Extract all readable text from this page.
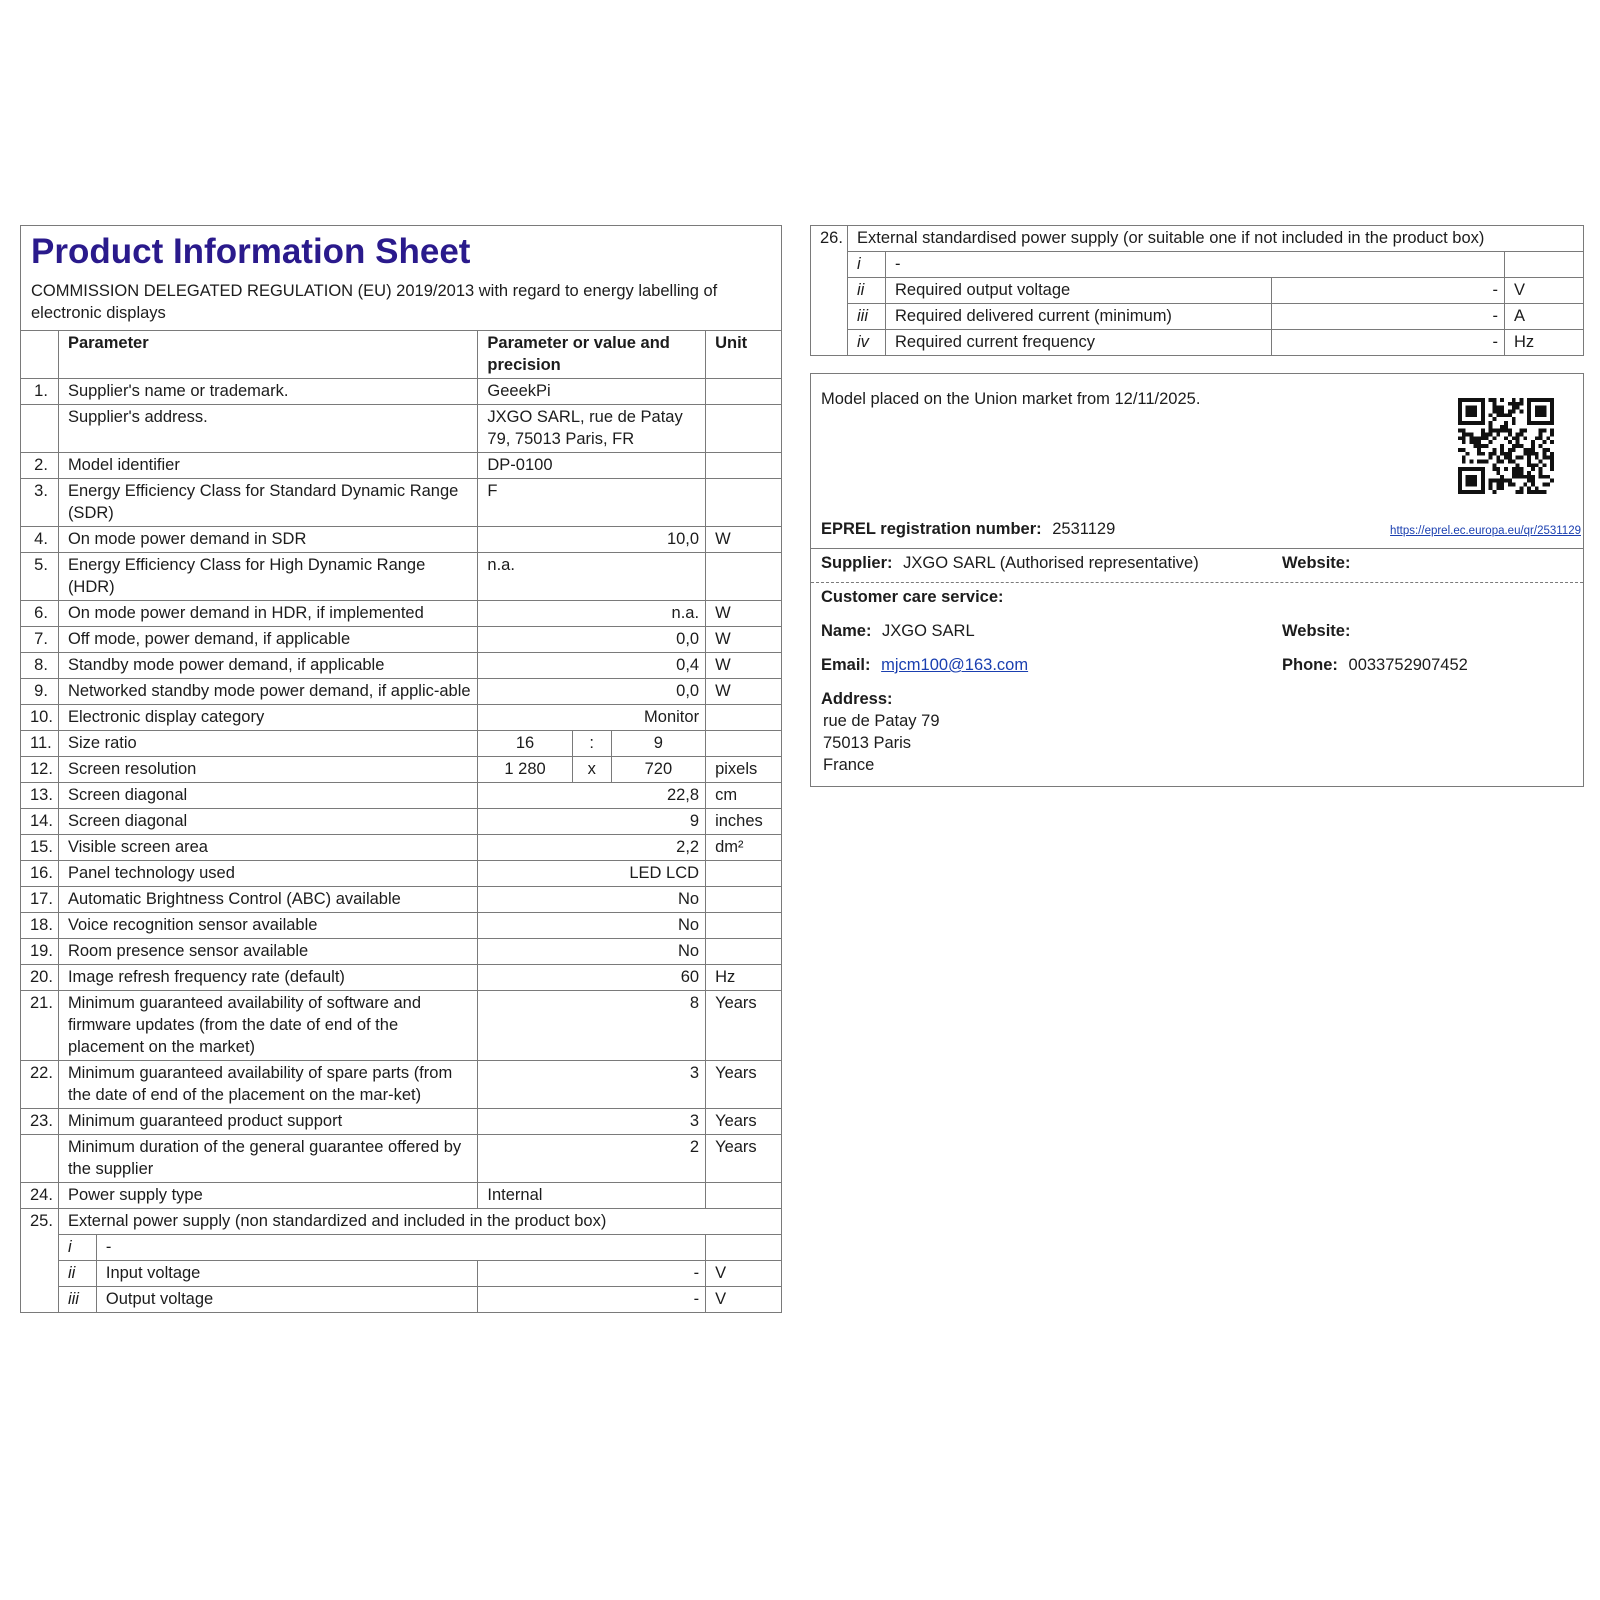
Product Information Sheet
COMMISSION DELEGATED REGULATION (EU) 2019/2013 with regard to energy labelling of electronic displays
	Parameter		Parameter or value and precision			Unit
1.	Supplier's name or trademark.		GeeekPi			
	Supplier's address.		JXGO SARL, rue de Patay 79, 75013 Paris, FR			
2.	Model identifier		DP-0100			
3.	Energy Efficiency Class for Standard Dynamic Range (SDR)		F			
4.	On mode power demand in SDR		10,0			W
5.	Energy Efficiency Class for High Dynamic Range (HDR)		n.a.			
6.	On mode power demand in HDR, if implemented		n.a.			W
7.	Off mode, power demand, if applicable		0,0			W
8.	Standby mode power demand, if applicable		0,4			W
9.	Networked standby mode power demand, if applic-able		0,0			W
10.	Electronic display category		Monitor			
11.	Size ratio		16	:	9	
12.	Screen resolution		1 280	x	720	pixels
13.	Screen diagonal		22,8			cm
14.	Screen diagonal		9			inches
15.	Visible screen area		2,2			dm²
16.	Panel technology used		LED LCD			
17.	Automatic Brightness Control (ABC) available		No			
18.	Voice recognition sensor available		No			
19.	Room presence sensor available		No			
20.	Image refresh frequency rate (default)		60			Hz
21.	Minimum guaranteed availability of software and firmware updates (from the date of end of the placement on the market)		8			Years
22.	Minimum guaranteed availability of spare parts (from the date of end of the placement on the mar-ket)		3			Years
23.	Minimum guaranteed product support		3			Years
	Minimum duration of the general guarantee offered by the supplier		2			Years
24.	Power supply type		Internal			
25.	External power supply (non standardized and included in the product box)					
	i	-				
	ii	Input voltage	-			V
	iii	Output voltage	-			V
26.	External standardised power supply (or suitable one if not included in the product box)			
	i	-		
	ii	Required output voltage	-	V
	iii	Required delivered current (minimum)	-	A
	iv	Required current frequency	-	Hz
Model placed on the Union market from 12/11/2025.
EPREL registration number: 2531129	https://eprel.ec.europa.eu/qr/2531129
Supplier: JXGO SARL (Authorised representative)	Website:
Customer care service:
Name: JXGO SARL	Website:
Email: mjcm100@163.com	Phone: 0033752907452
Address:
rue de Patay 79
75013 Paris
France
